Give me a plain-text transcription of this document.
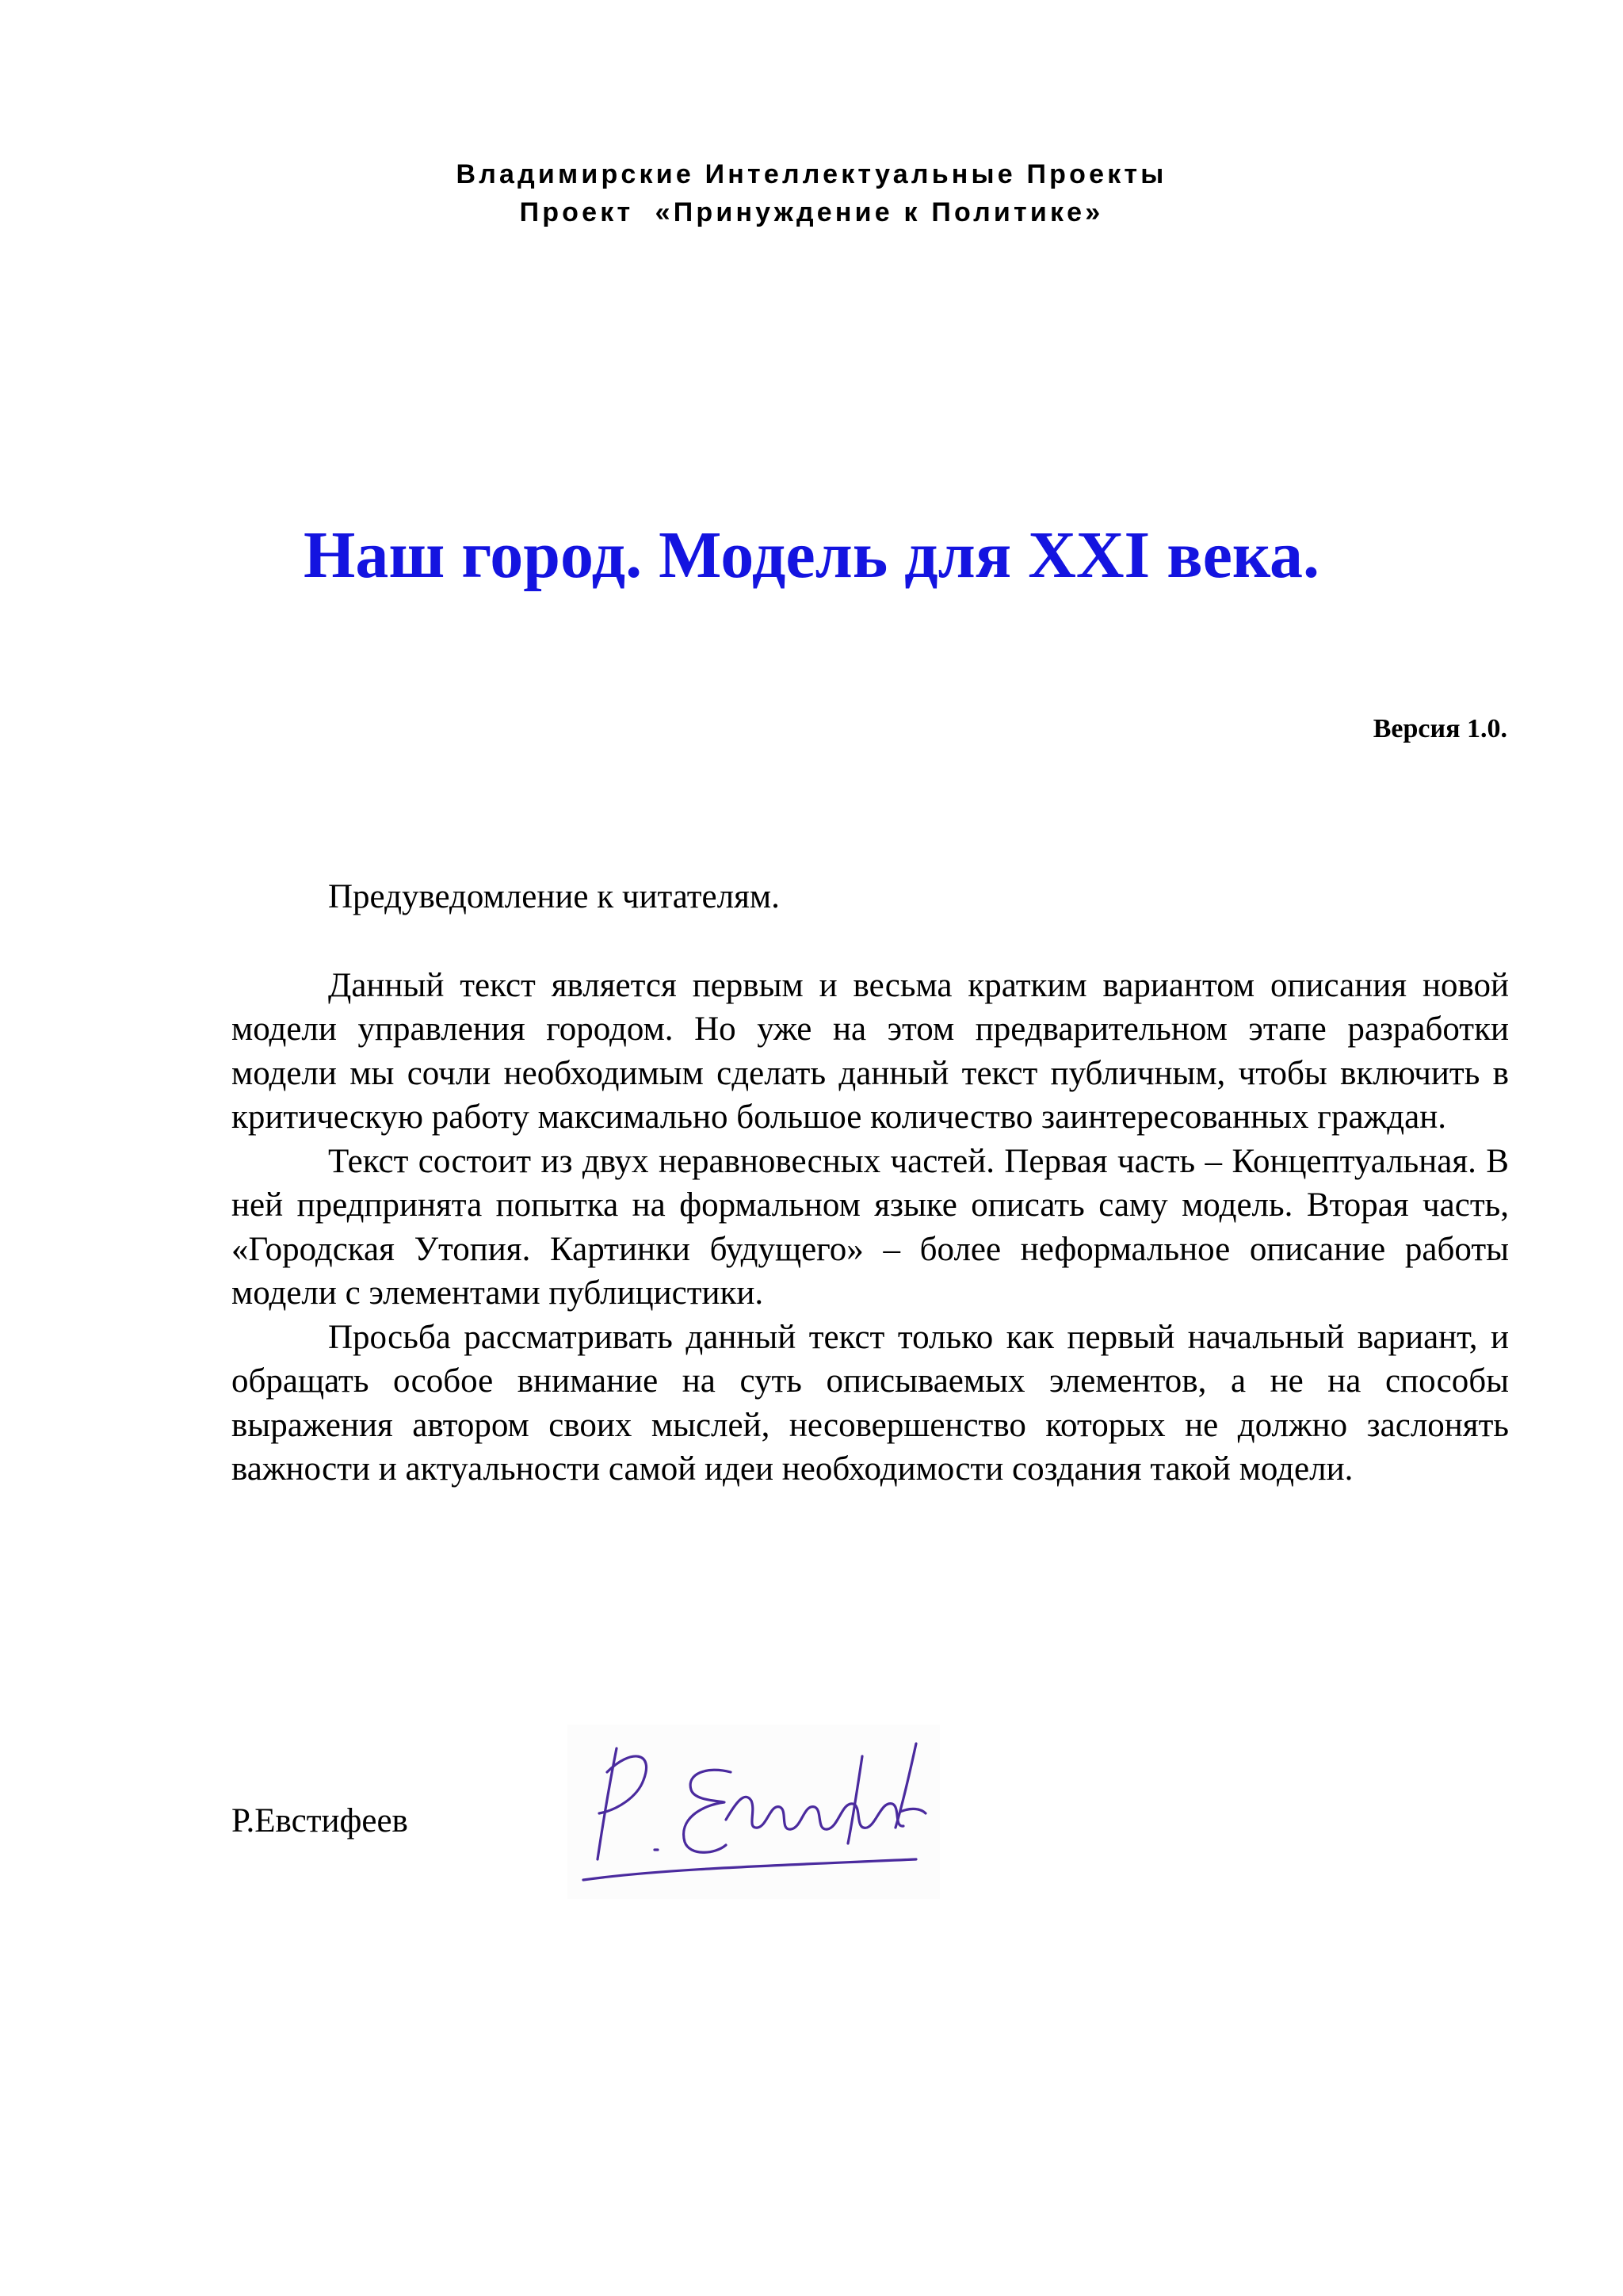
Владимирские Интеллектуальные Проекты
Проект  «Принуждение к Политике»
Наш город. Модель для XXI века.
Версия 1.0.

Предуведомление к читателям.

Данный текст является первым и весьма кратким вариантом описания новой модели управления городом. Но уже на этом предварительном этапе разработки модели мы сочли необходимым сделать данный текст публичным, чтобы включить в критическую работу максимально большое количество заинтересованных граждан.

Текст состоит из двух неравновесных частей. Первая часть – Концептуальная. В ней предпринята попытка на формальном языке описать саму модель. Вторая часть, «Городская Утопия. Картинки будущего» – более неформальное описание работы модели с элементами публицистики.

Просьба рассматривать данный текст только как первый начальный вариант, и обращать особое внимание на суть описываемых элементов, а не на способы выражения автором своих мыслей, несовершенство которых не должно заслонять важности и актуальности самой идеи необходимости создания такой модели.

Р.Евстифеев
